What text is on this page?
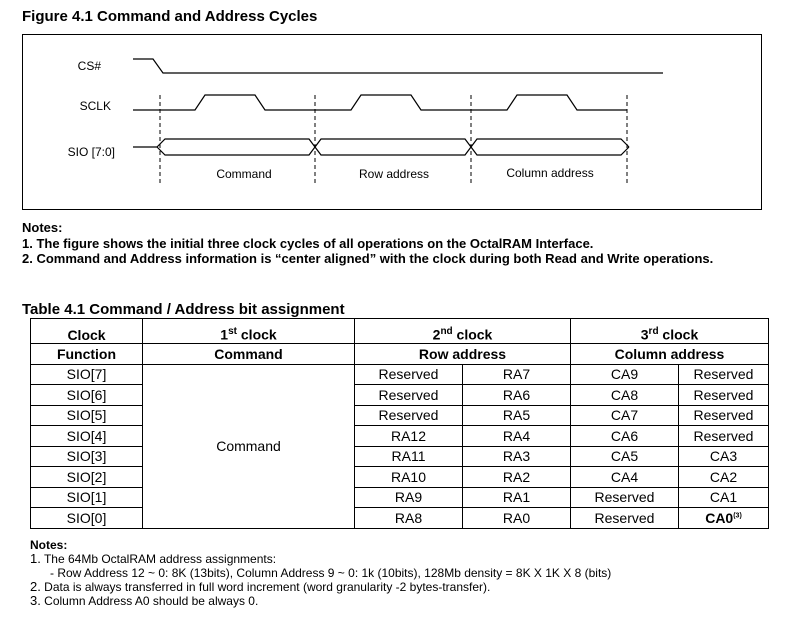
Figure 4.1 Command and Address Cycles
CS#
SCLK
SIO [7:0]
Command	Row address	Column address
Notes:
1. The figure shows the initial three clock cycles of all operations on the OctalRAM Interface.
2. Command and Address information is “center aligned” with the clock during both Read and Write operations.
Table 4.1 Command / Address bit assignment
Clock	1st clock	2nd clock		3rd clock	
Function	Command	Row address		Column address	
SIO[7]	Command	Reserved	RA7	CA9	Reserved
SIO[6]		Reserved	RA6	CA8	Reserved
SIO[5]		Reserved	RA5	CA7	Reserved
SIO[4]		RA12	RA4	CA6	Reserved
SIO[3]		RA11	RA3	CA5	CA3
SIO[2]		RA10	RA2	CA4	CA2
SIO[1]		RA9	RA1	Reserved	CA1
SIO[0]		RA8	RA0	Reserved	CA0$^{(3)}$
Notes:
1. The 64Mb OctalRAM address assignments:
- Row Address 12 ~ 0: 8K (13bits), Column Address 9 ~ 0: 1k (10bits), 128Mb density = 8K X 1K X 8 (bits)
2. Data is always transferred in full word increment (word granularity -2 bytes-transfer).
3. Column Address A0 should be always 0.
